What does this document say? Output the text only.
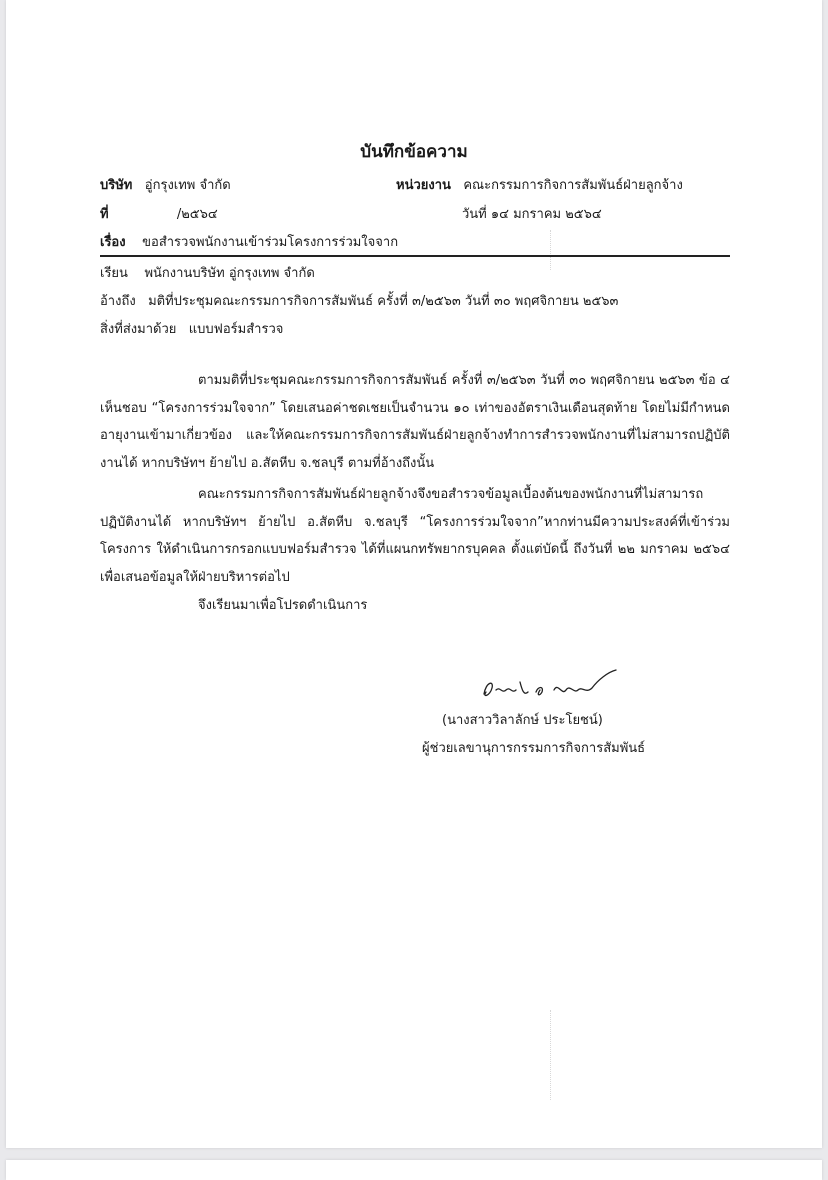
บันทึกข้อความ
บริษัท อู่กรุงเทพ จำกัด	หน่วยงาน คณะกรรมการกิจการสัมพันธ์ฝ่ายลูกจ้าง
ที่	/๒๕๖๔	วันที่ ๑๔ มกราคม ๒๕๖๔
เรื่อง ขอสำรวจพนักงานเข้าร่วมโครงการร่วมใจจาก
เรียน พนักงานบริษัท อู่กรุงเทพ จำกัด
อ้างถึง มติที่ประชุมคณะกรรมการกิจการสัมพันธ์ ครั้งที่ ๓/๒๕๖๓ วันที่ ๓๐ พฤศจิกายน ๒๕๖๓
สิ่งที่ส่งมาด้วย แบบฟอร์มสำรวจ
ตามมติที่ประชุมคณะกรรมการกิจการสัมพันธ์ ครั้งที่ ๓/๒๕๖๓ วันที่ ๓๐ พฤศจิกายน ๒๕๖๓ ข้อ ๔ เห็นชอบ “โครงการร่วมใจจาก” โดยเสนอค่าชดเชยเป็นจำนวน ๑๐ เท่าของอัตราเงินเดือนสุดท้าย โดยไม่มีกำหนดอายุงานเข้ามาเกี่ยวข้อง และให้คณะกรรมการกิจการสัมพันธ์ฝ่ายลูกจ้างทำการสำรวจพนักงานที่ไม่สามารถปฏิบัติงานได้ หากบริษัทฯ ย้ายไป อ.สัตหีบ จ.ชลบุรี ตามที่อ้างถึงนั้น
คณะกรรมการกิจการสัมพันธ์ฝ่ายลูกจ้างจึงขอสำรวจข้อมูลเบื้องต้นของพนักงานที่ไม่สามารถปฏิบัติงานได้ หากบริษัทฯ ย้ายไป อ.สัตหีบ จ.ชลบุรี “โครงการร่วมใจจาก”หากท่านมีความประสงค์ที่เข้าร่วมโครงการ ให้ดำเนินการกรอกแบบฟอร์มสำรวจ ได้ที่แผนกทรัพยากรบุคคล ตั้งแต่บัดนี้ ถึงวันที่ ๒๒ มกราคม ๒๕๖๔ เพื่อเสนอข้อมูลให้ฝ่ายบริหารต่อไป
จึงเรียนมาเพื่อโปรดดำเนินการ
(นางสาววิลาลักษ์ ประโยชน์)
ผู้ช่วยเลขานุการกรรมการกิจการสัมพันธ์
